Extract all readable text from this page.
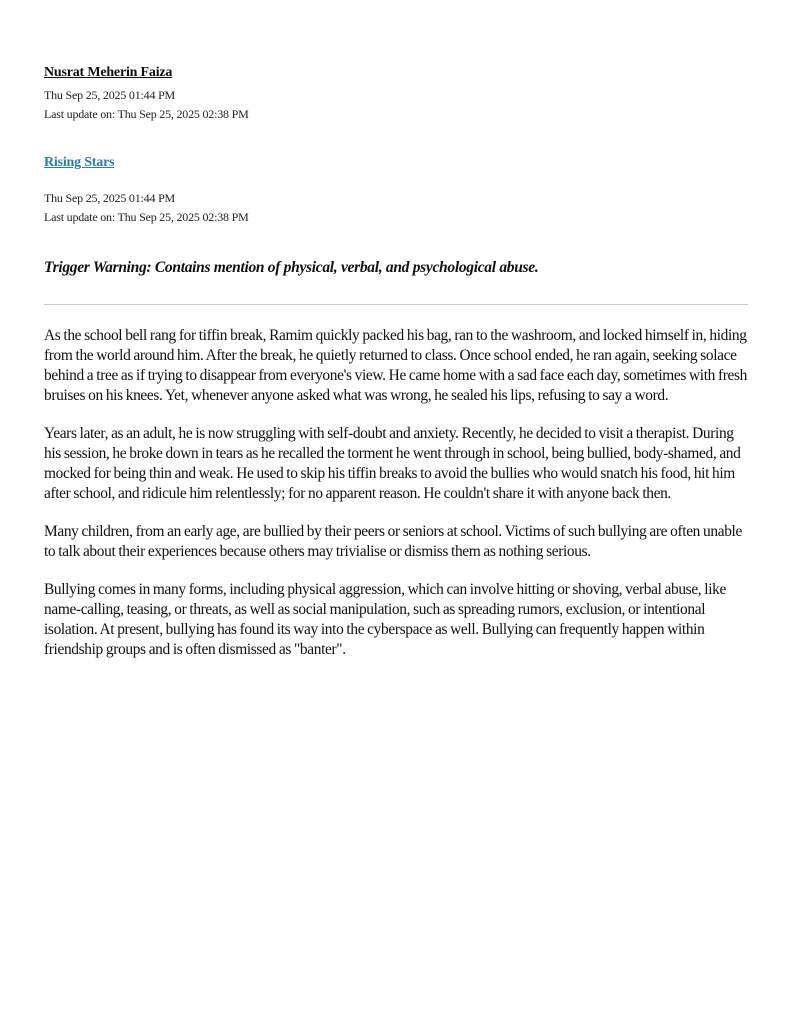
Nusrat Meherin Faiza
Thu Sep 25, 2025 01:44 PM
Last update on: Thu Sep 25, 2025 02:38 PM
Rising Stars
Thu Sep 25, 2025 01:44 PM
Last update on: Thu Sep 25, 2025 02:38 PM
Trigger Warning: Contains mention of physical, verbal, and psychological abuse.

As the school bell rang for tiffin break, Ramim quickly packed his bag, ran to the washroom, and locked himself in, hiding from the world around him. After the break, he quietly returned to class. Once school ended, he ran again, seeking solace behind a tree as if trying to disappear from everyone's view. He came home with a sad face each day, sometimes with fresh bruises on his knees. Yet, whenever anyone asked what was wrong, he sealed his lips, refusing to say a word.

Years later, as an adult, he is now struggling with self-doubt and anxiety. Recently, he decided to visit a therapist. During his session, he broke down in tears as he recalled the torment he went through in school, being bullied, body-shamed, and mocked for being thin and weak. He used to skip his tiffin breaks to avoid the bullies who would snatch his food, hit him after school, and ridicule him relentlessly; for no apparent reason. He couldn't share it with anyone back then.

Many children, from an early age, are bullied by their peers or seniors at school. Victims of such bullying are often unable to talk about their experiences because others may trivialise or dismiss them as nothing serious.

Bullying comes in many forms, including physical aggression, which can involve hitting or shoving, verbal abuse, like name-calling, teasing, or threats, as well as social manipulation, such as spreading rumors, exclusion, or intentional isolation. At present, bullying has found its way into the cyberspace as well. Bullying can frequently happen within friendship groups and is often dismissed as "banter".
